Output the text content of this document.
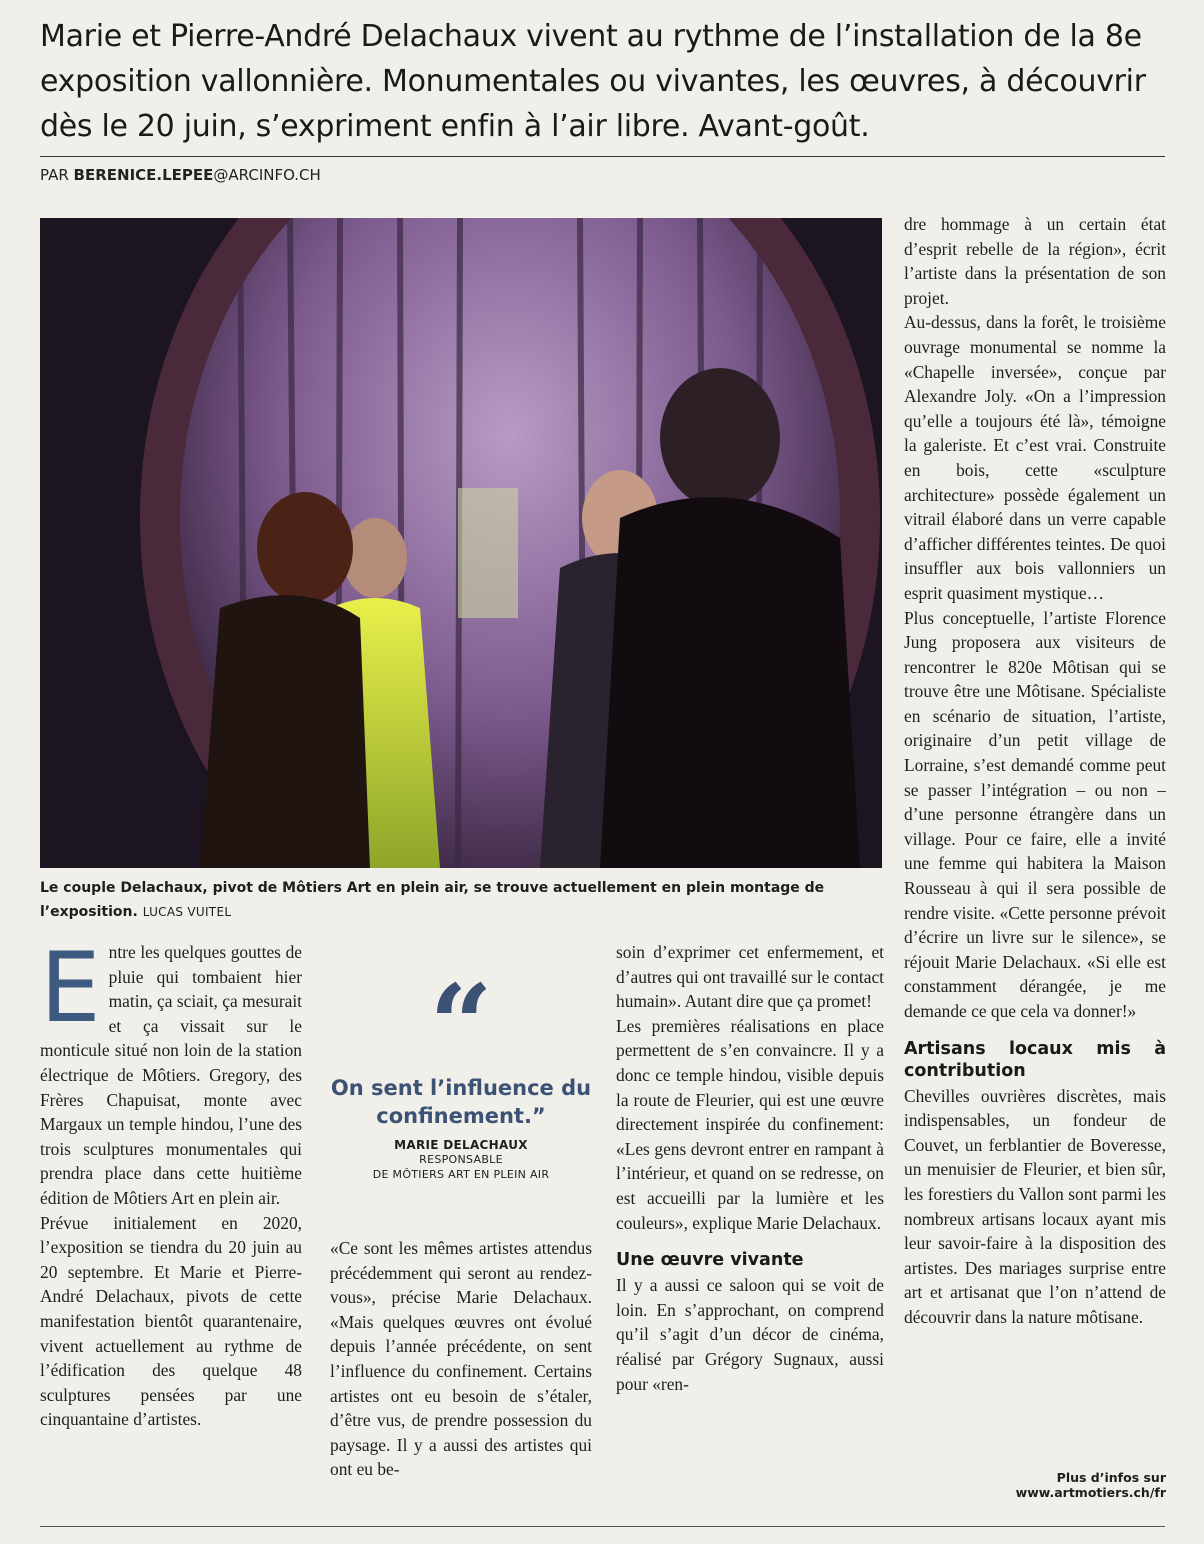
Marie et Pierre-André Delachaux vivent au rythme de l’installation de la 8e exposition vallonnière. Monumentales ou vivantes, les œuvres, à découvrir dès le 20 juin, s’expriment enfin à l’air libre. Avant-goût.
PAR BERENICE.LEPEE@ARCINFO.CH
Le couple Delachaux, pivot de Môtiers Art en plein air, se trouve actuellement en plein montage de l’exposition. LUCAS VUITEL
E ntre les quelques gouttes de pluie qui tombaient hier matin, ça sciait, ça mesurait et ça vissait sur le monticule situé non loin de la station électrique de Môtiers. Gregory, des Frères Chapuisat, monte avec Margaux un temple hindou, l’une des trois sculptures monumentales qui prendra place dans cette huitième édition de Môtiers Art en plein air.

Prévue initialement en 2020, l’exposition se tiendra du 20 juin au 20 septembre. Et Marie et Pierre-André Delachaux, pivots de cette manifestation bientôt quarantenaire, vivent actuellement au rythme de l’édification des quelque 48 sculptures pensées par une cinquantaine d’artistes.

“
On sent l’influence du confinement.”
MARIE DELACHAUX
RESPONSABLE
DE MÔTIERS ART EN PLEIN AIR

«Ce sont les mêmes artistes attendus précédemment qui seront au rendez-vous», précise Marie Delachaux. «Mais quelques œuvres ont évolué depuis l’année précédente, on sent l’influence du confinement. Certains artistes ont eu besoin de s’étaler, d’être vus, de prendre possession du paysage. Il y a aussi des artistes qui ont eu be-

soin d’exprimer cet enfermement, et d’autres qui ont travaillé sur le contact humain». Autant dire que ça promet!

Les premières réalisations en place permettent de s’en convaincre. Il y a donc ce temple hindou, visible depuis la route de Fleurier, qui est une œuvre directement inspirée du confinement: «Les gens devront entrer en rampant à l’intérieur, et quand on se redresse, on est accueilli par la lumière et les couleurs», explique Marie Delachaux.

Une œuvre vivante

Il y a aussi ce saloon qui se voit de loin. En s’approchant, on comprend qu’il s’agit d’un décor de cinéma, réalisé par Grégory Sugnaux, aussi pour «ren-

dre hommage à un certain état d’esprit rebelle de la région», écrit l’artiste dans la présentation de son projet.

Au-dessus, dans la forêt, le troisième ouvrage monumental se nomme la «Chapelle inversée», conçue par Alexandre Joly. «On a l’impression qu’elle a toujours été là», témoigne la galeriste. Et c’est vrai. Construite en bois, cette «sculpture architecture» possède également un vitrail élaboré dans un verre capable d’afficher différentes teintes. De quoi insuffler aux bois vallonniers un esprit quasiment mystique…

Plus conceptuelle, l’artiste Florence Jung proposera aux visiteurs de rencontrer le 820e Môtisan qui se trouve être une Môtisane. Spécialiste en scénario de situation, l’artiste, originaire d’un petit village de Lorraine, s’est demandé comme peut se passer l’intégration – ou non – d’une personne étrangère dans un village. Pour ce faire, elle a invité une femme qui habitera la Maison Rousseau à qui il sera possible de rendre visite. «Cette personne prévoit d’écrire un livre sur le silence», se réjouit Marie Delachaux. «Si elle est constamment dérangée, je me demande ce que cela va donner!»

Artisans locaux mis à contribution

Chevilles ouvrières discrètes, mais indispensables, un fondeur de Couvet, un ferblantier de Boveresse, un menuisier de Fleurier, et bien sûr, les forestiers du Vallon sont parmi les nombreux artisans locaux ayant mis leur savoir-faire à la disposition des artistes. Des mariages surprise entre art et artisanat que l’on n’attend de découvrir dans la nature môtisane.

Plus d’infos sur www.artmotiers.ch/fr
